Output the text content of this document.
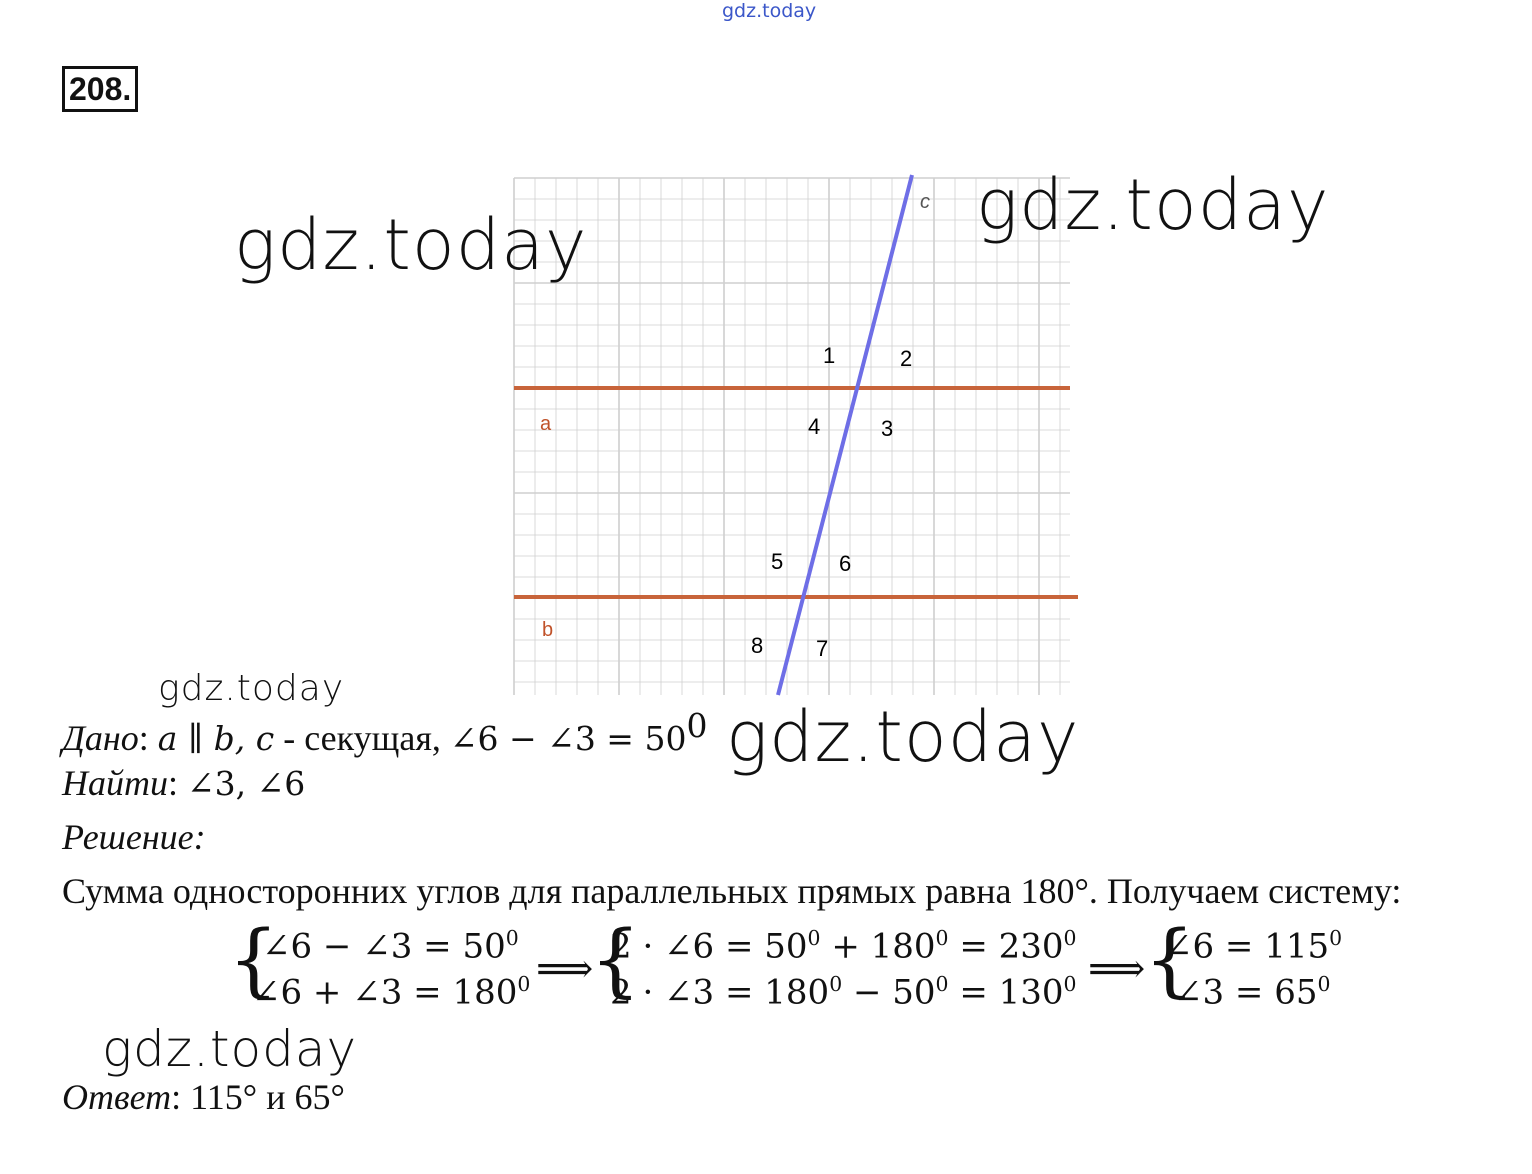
gdz.today
208.
a
b
c
1	2
3
4
5	6
7
8
gdz.today	gdz.today
gdz.today
gdz.today
gdz.today
Дано: a ∥ b, c - секущая, ∠6 − ∠3 = $50^0$
Найти: ∠3, ∠6
Решение:
Сумма односторонних углов для параллельных прямых равна 180°. Получаем систему:
{
∠6 − ∠3 = $50^0$
∠6 + ∠3 = $180^0$ ⟹
{
2 · ∠6 = $50^0 + 180^0 = 230^0$
2 · ∠3 = $180^0 - 50^0 = 130^0$ ⟹
{
∠6 = $115^0$
∠3 = $65^0$
Ответ: 115° и 65°
